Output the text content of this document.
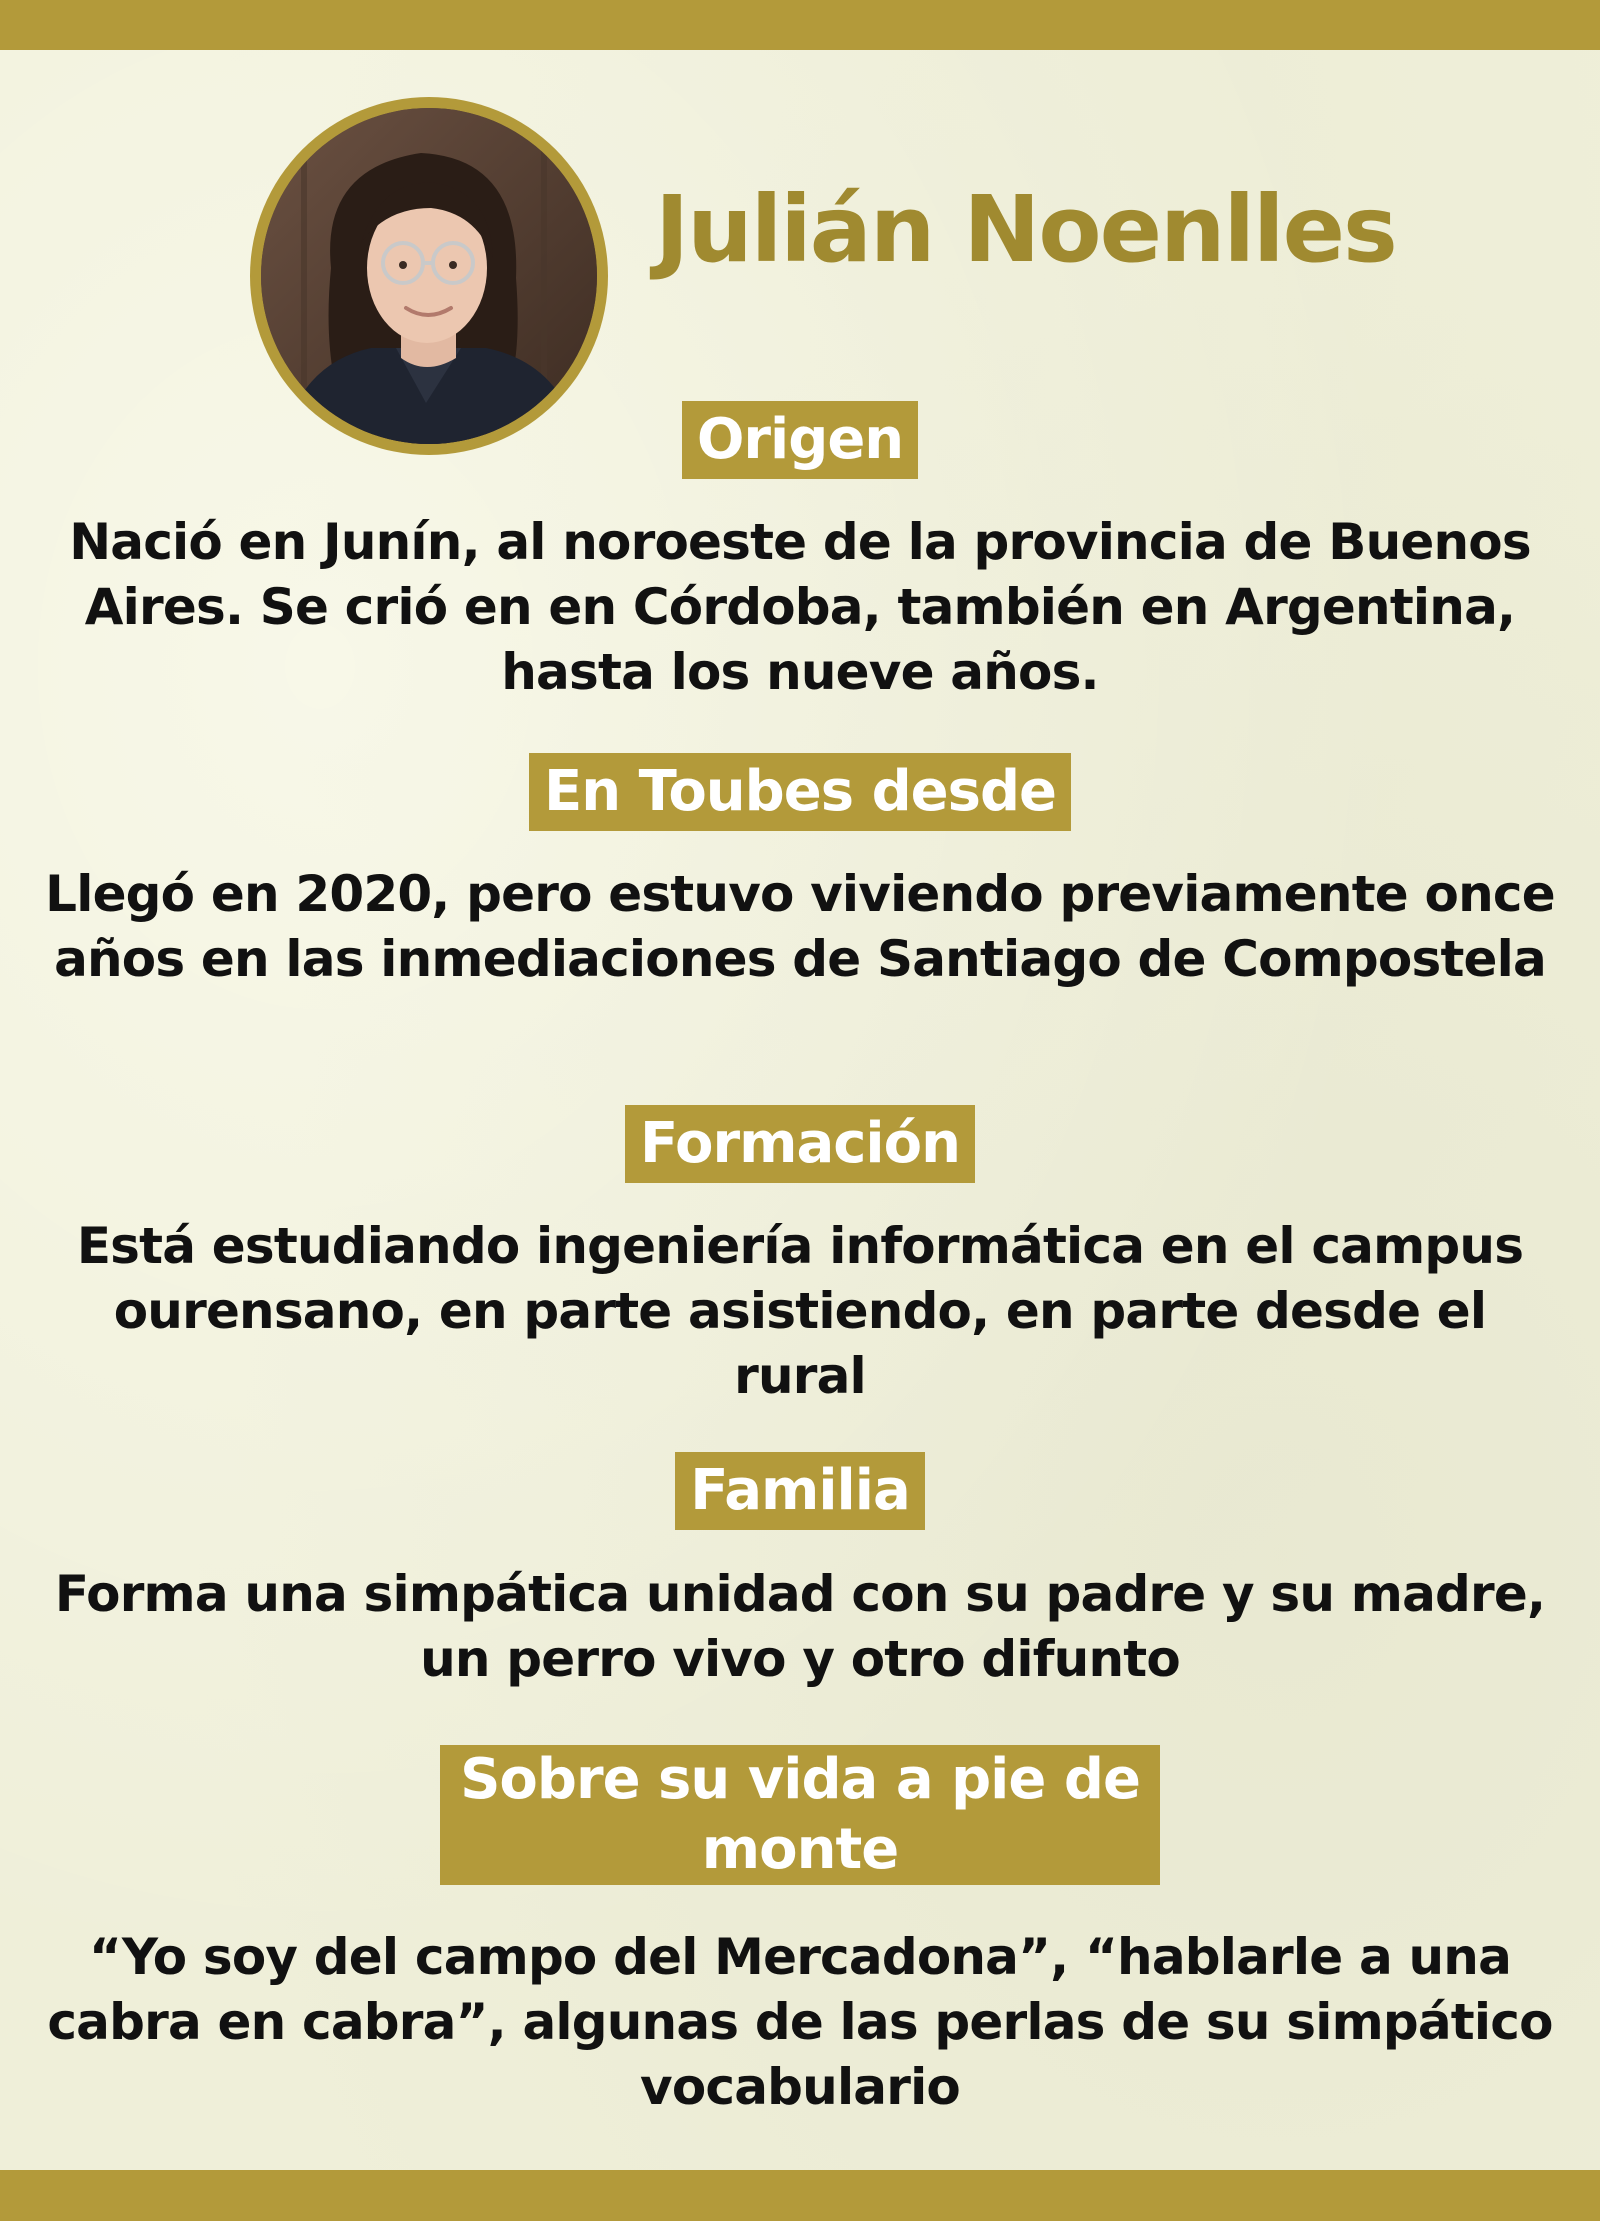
Julián Noenlles
Origen
Nació en Junín, al noroeste de la provincia de Buenos Aires. Se crió en en Córdoba, también en Argentina, hasta los nueve años.
En Toubes desde
Llegó en 2020, pero estuvo viviendo previamente once años en las inmediaciones de Santiago de Compostela
Formación
Está estudiando ingeniería informática en el campus ourensano, en parte asistiendo, en parte desde el rural
Familia
Forma una simpática unidad con su padre y su madre, un perro vivo y otro difunto
Sobre su vida a pie de monte
“Yo soy del campo del Mercadona”, “hablarle a una cabra en cabra”, algunas de las perlas de su simpático vocabulario
